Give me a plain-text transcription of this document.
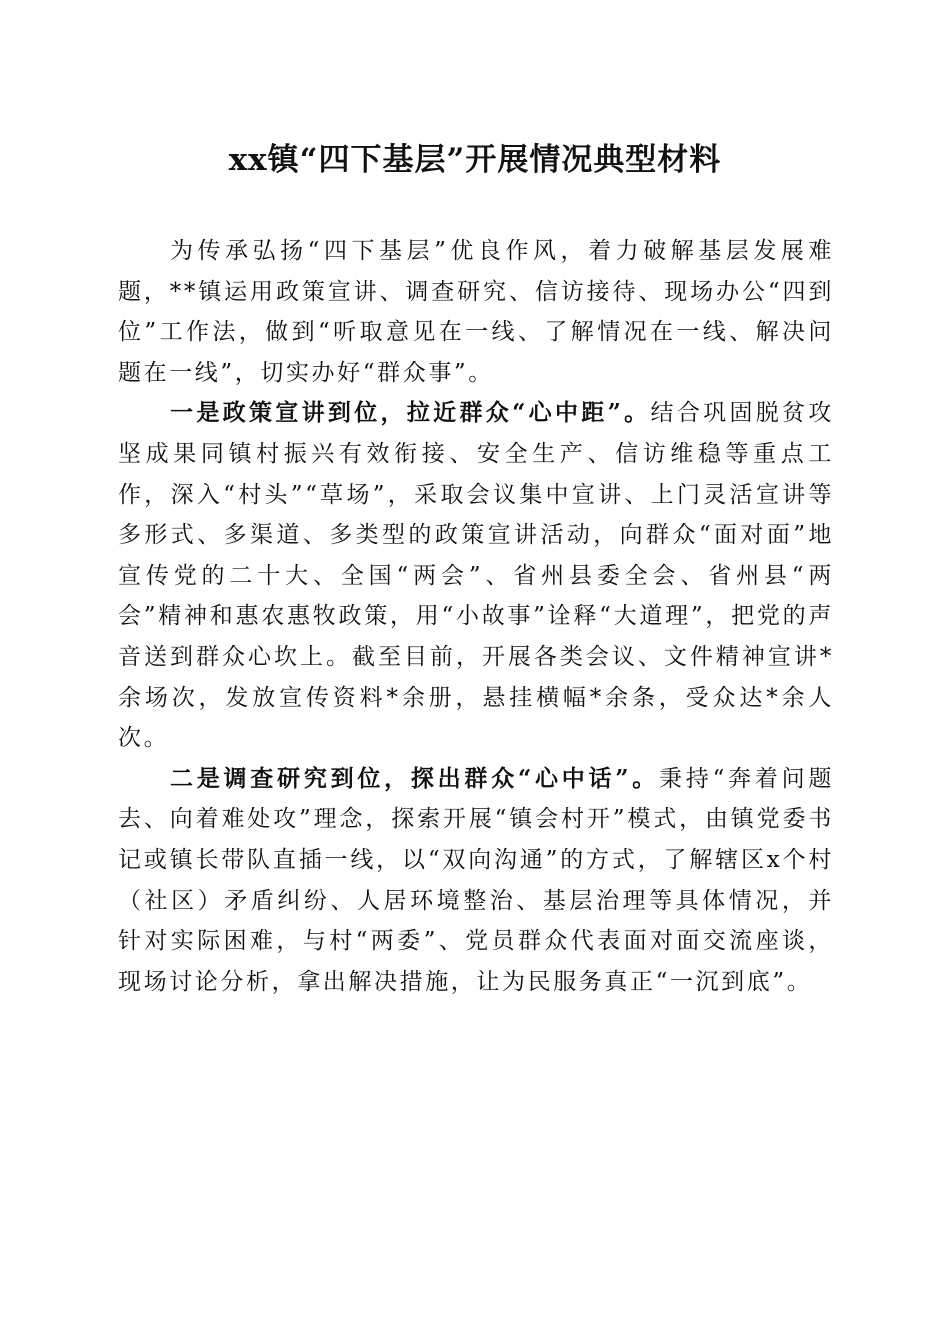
xx镇“四下基层”开展情况典型材料

为传承弘扬“四下基层”优良作风，着力破解基层发展难题，**镇运用政策宣讲、调查研究、信访接待、现场办公“四到位”工作法，做到“听取意见在一线、了解情况在一线、解决问题在一线”，切实办好“群众事”。

一是政策宣讲到位，拉近群众“心中距”。结合巩固脱贫攻坚成果同镇村振兴有效衔接、安全生产、信访维稳等重点工作，深入“村头”“草场”，采取会议集中宣讲、上门灵活宣讲等多形式、多渠道、多类型的政策宣讲活动，向群众“面对面”地宣传党的二十大、全国“两会”、省州县委全会、省州县“两会”精神和惠农惠牧政策，用“小故事”诠释“大道理”，把党的声音送到群众心坎上。截至目前，开展各类会议、文件精神宣讲*余场次，发放宣传资料*余册，悬挂横幅*余条，受众达*余人次。

二是调查研究到位，探出群众“心中话”。秉持“奔着问题去、向着难处攻”理念，探索开展“镇会村开”模式，由镇党委书记或镇长带队直插一线，以“双向沟通”的方式，了解辖区x个村（社区）矛盾纠纷、人居环境整治、基层治理等具体情况，并针对实际困难，与村“两委”、党员群众代表面对面交流座谈，现场讨论分析，拿出解决措施，让为民服务真正“一沉到底”。
